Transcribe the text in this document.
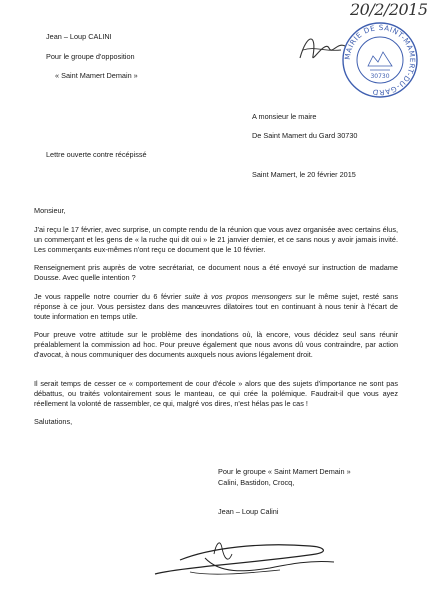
20/2/2015
MAIRIE DE SAINT-MAMERT-DU-GARD
30730
Jean – Loup CALINI
Pour le groupe d'opposition
« Saint Mamert Demain »
A monsieur le maire
De Saint Mamert du Gard 30730
Lettre ouverte contre récépissé
Saint Mamert, le 20 février 2015
Monsieur,
J'ai reçu le 17 février, avec surprise, un compte rendu de la réunion que vous avez organisée avec certains élus, un commerçant et les gens de « la ruche qui dit oui » le 21 janvier dernier, et ce sans nous y avoir jamais invité. Les commerçants eux-mêmes n'ont reçu ce document que le 10 février.
Renseignement pris auprès de votre secrétariat, ce document nous a été envoyé sur instruction de madame Dousse. Avec quelle intention ?
Je vous rappelle notre courrier du 6 février suite à vos propos mensongers sur le même sujet, resté sans réponse à ce jour. Vous persistez dans des manœuvres dilatoires tout en continuant à nous tenir à l'écart de toute information en temps utile.
Pour preuve votre attitude sur le problème des inondations où, là encore, vous décidez seul sans réunir préalablement la commission ad hoc. Pour preuve également que nous avons dû vous contraindre, par action d'avocat, à nous communiquer des documents auxquels nous avions légalement droit.
Il serait temps de cesser ce « comportement de cour d'école » alors que des sujets d'importance ne sont pas débattus, ou traités volontairement sous le manteau, ce qui crée la polémique. Faudrait-il que vous ayez réellement la volonté de rassembler, ce qui, malgré vos dires, n'est hélas pas le cas !
Salutations,
Pour le groupe « Saint Mamert Demain »
Calini, Bastidon, Crocq,
Jean – Loup Calini
